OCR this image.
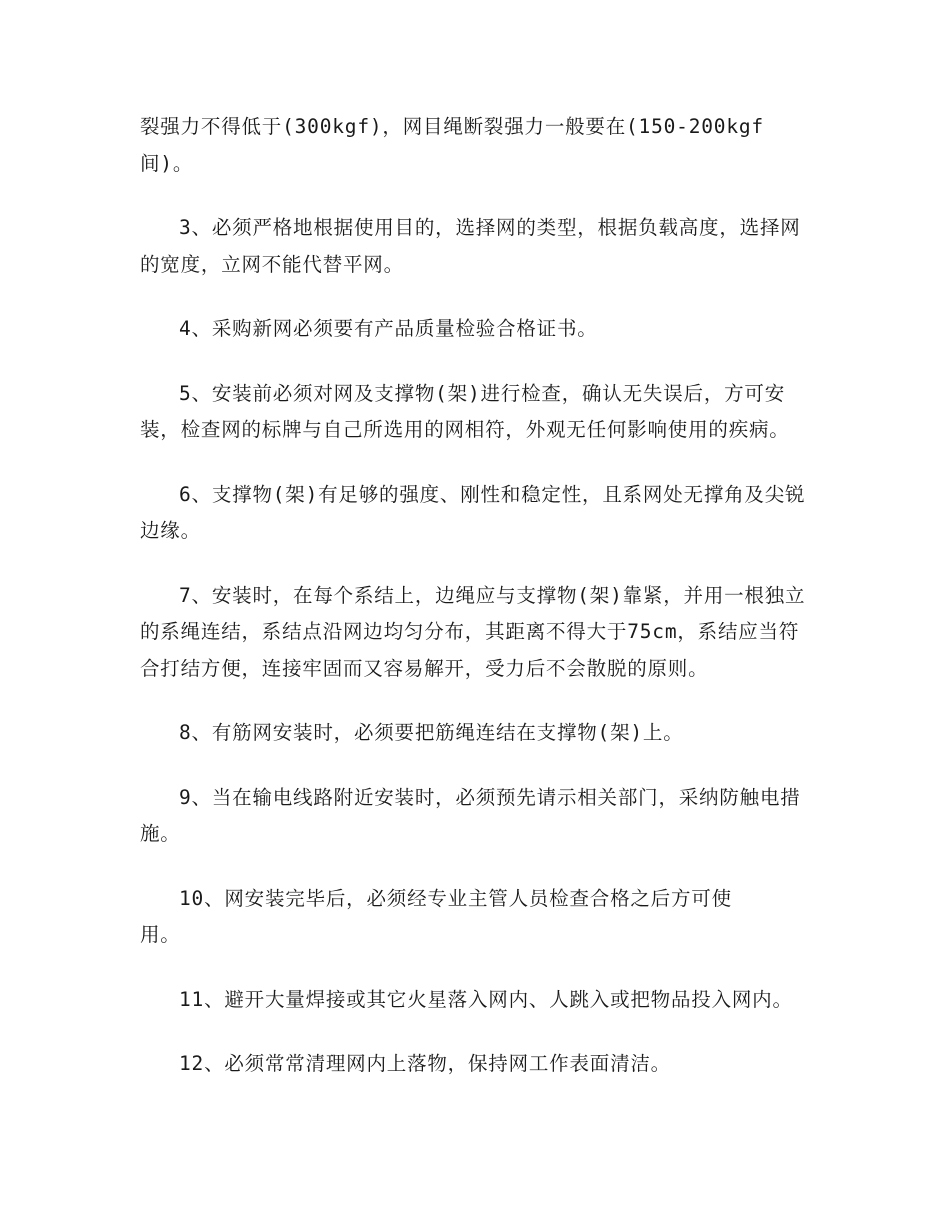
裂强力不得低于(300kgf)，网目绳断裂强力一般要在(150-200kgf
间)。

3、必须严格地根据使用目的，选择网的类型，根据负载高度，选择网的宽度，立网不能代替平网。

4、采购新网必须要有产品质量检验合格证书。

5、安装前必须对网及支撑物(架)进行检查，确认无失误后，方可安装，检查网的标牌与自己所选用的网相符，外观无任何影响使用的疾病。

6、支撑物(架)有足够的强度、刚性和稳定性，且系网处无撑角及尖锐边缘。

7、安装时，在每个系结上，边绳应与支撑物(架)靠紧，并用一根独立的系绳连结，系结点沿网边均匀分布，其距离不得大于75cm，系结应当符合打结方便，连接牢固而又容易解开，受力后不会散脱的原则。

8、有筋网安装时，必须要把筋绳连结在支撑物(架)上。

9、当在输电线路附近安装时，必须预先请示相关部门，采纳防触电措施。

10、网安装完毕后，必须经专业主管人员检查合格之后方可使
用。

11、避开大量焊接或其它火星落入网内、人跳入或把物品投入网内。

12、必须常常清理网内上落物，保持网工作表面清洁。
